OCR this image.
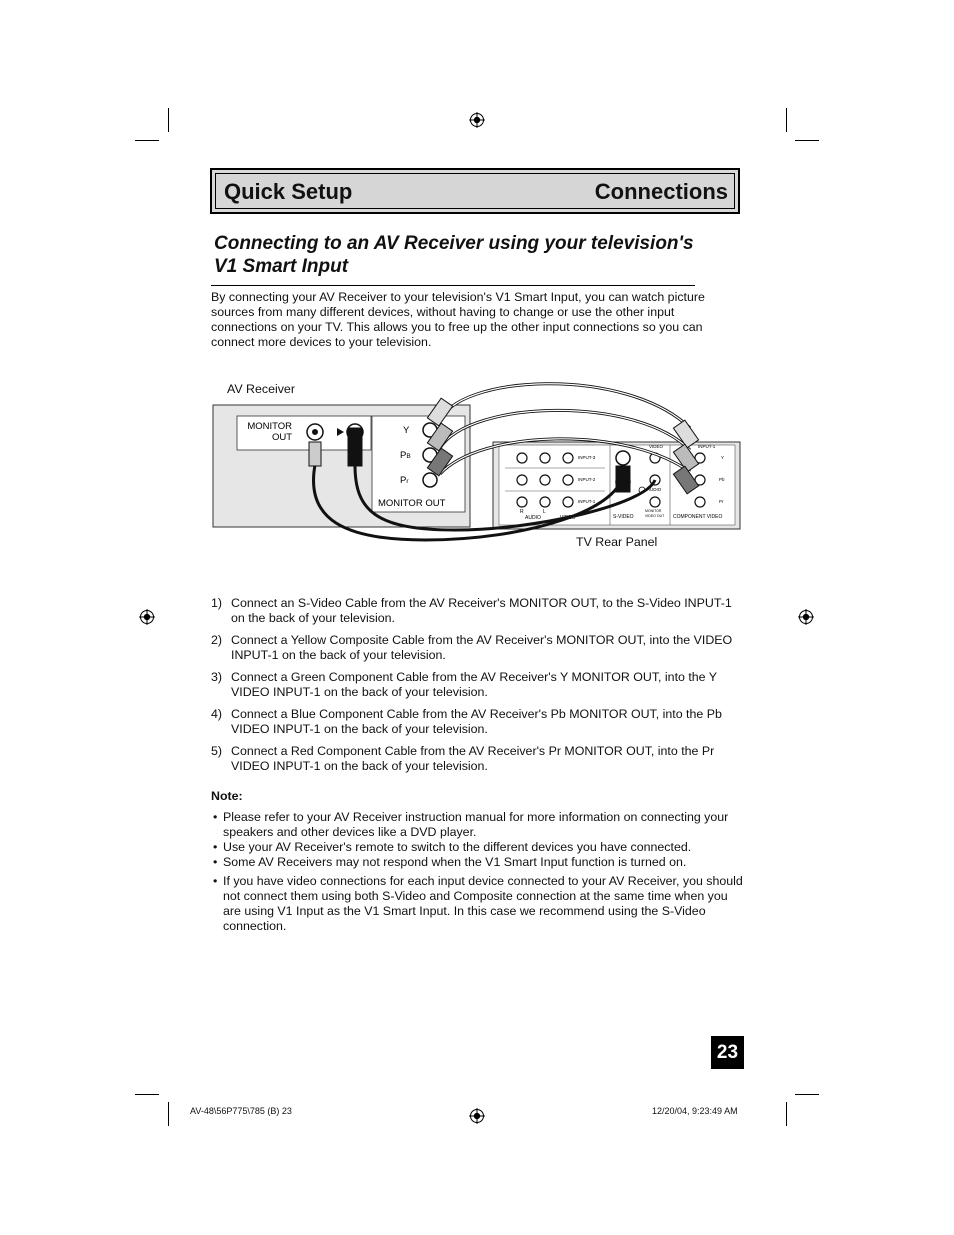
Quick Setup	Connections
Connecting to an AV Receiver using your television's
V1 Smart Input
By connecting your AV Receiver to your television's V1 Smart Input, you can watch picture sources from many different devices, without having to change or use the other input connections on your TV. This allows you to free up the other input connections so you can connect more devices to your television.
AV Receiver
MONITOR
OUT
Y
PB
Pr
MONITOR OUT
INPUT-3
INPUT-2
INPUT-1
R	L
AUDIO	VIDEO
VIDEO
AUDIO
S-VIDEO
MONITOR
VIDEO OUT COMPONENT VIDEO
INPUT-1
Y
Pb
Pr
TV Rear Panel
1) Connect an S-Video Cable from the AV Receiver's MONITOR OUT, to the S-Video INPUT-1 on the back of your television.
2) Connect a Yellow Composite Cable from the AV Receiver's MONITOR OUT, into the VIDEO INPUT-1 on the back of your television.
3) Connect a Green Component Cable from the AV Receiver's Y MONITOR OUT, into the Y VIDEO INPUT-1 on the back of your television.
4) Connect a Blue Component Cable from the AV Receiver's Pb MONITOR OUT, into the Pb VIDEO INPUT-1 on the back of your television.
5) Connect a Red Component Cable from the AV Receiver's Pr MONITOR OUT, into the Pr VIDEO INPUT-1 on the back of your television.
Note:
• Please refer to your AV Receiver instruction manual for more information on connecting your speakers and other devices like a DVD player.
• Use your AV Receiver's remote to switch to the different devices you have connected.
• Some AV Receivers may not respond when the V1 Smart Input function is turned on.
• If you have video connections for each input device connected to your AV Receiver, you should not connect them using both S-Video and Composite connection at the same time when you are using V1 Input as the V1 Smart Input. In this case we recommend using the S-Video connection.
23
AV-48\56P775\785 (B) 23	12/20/04, 9:23:49 AM
